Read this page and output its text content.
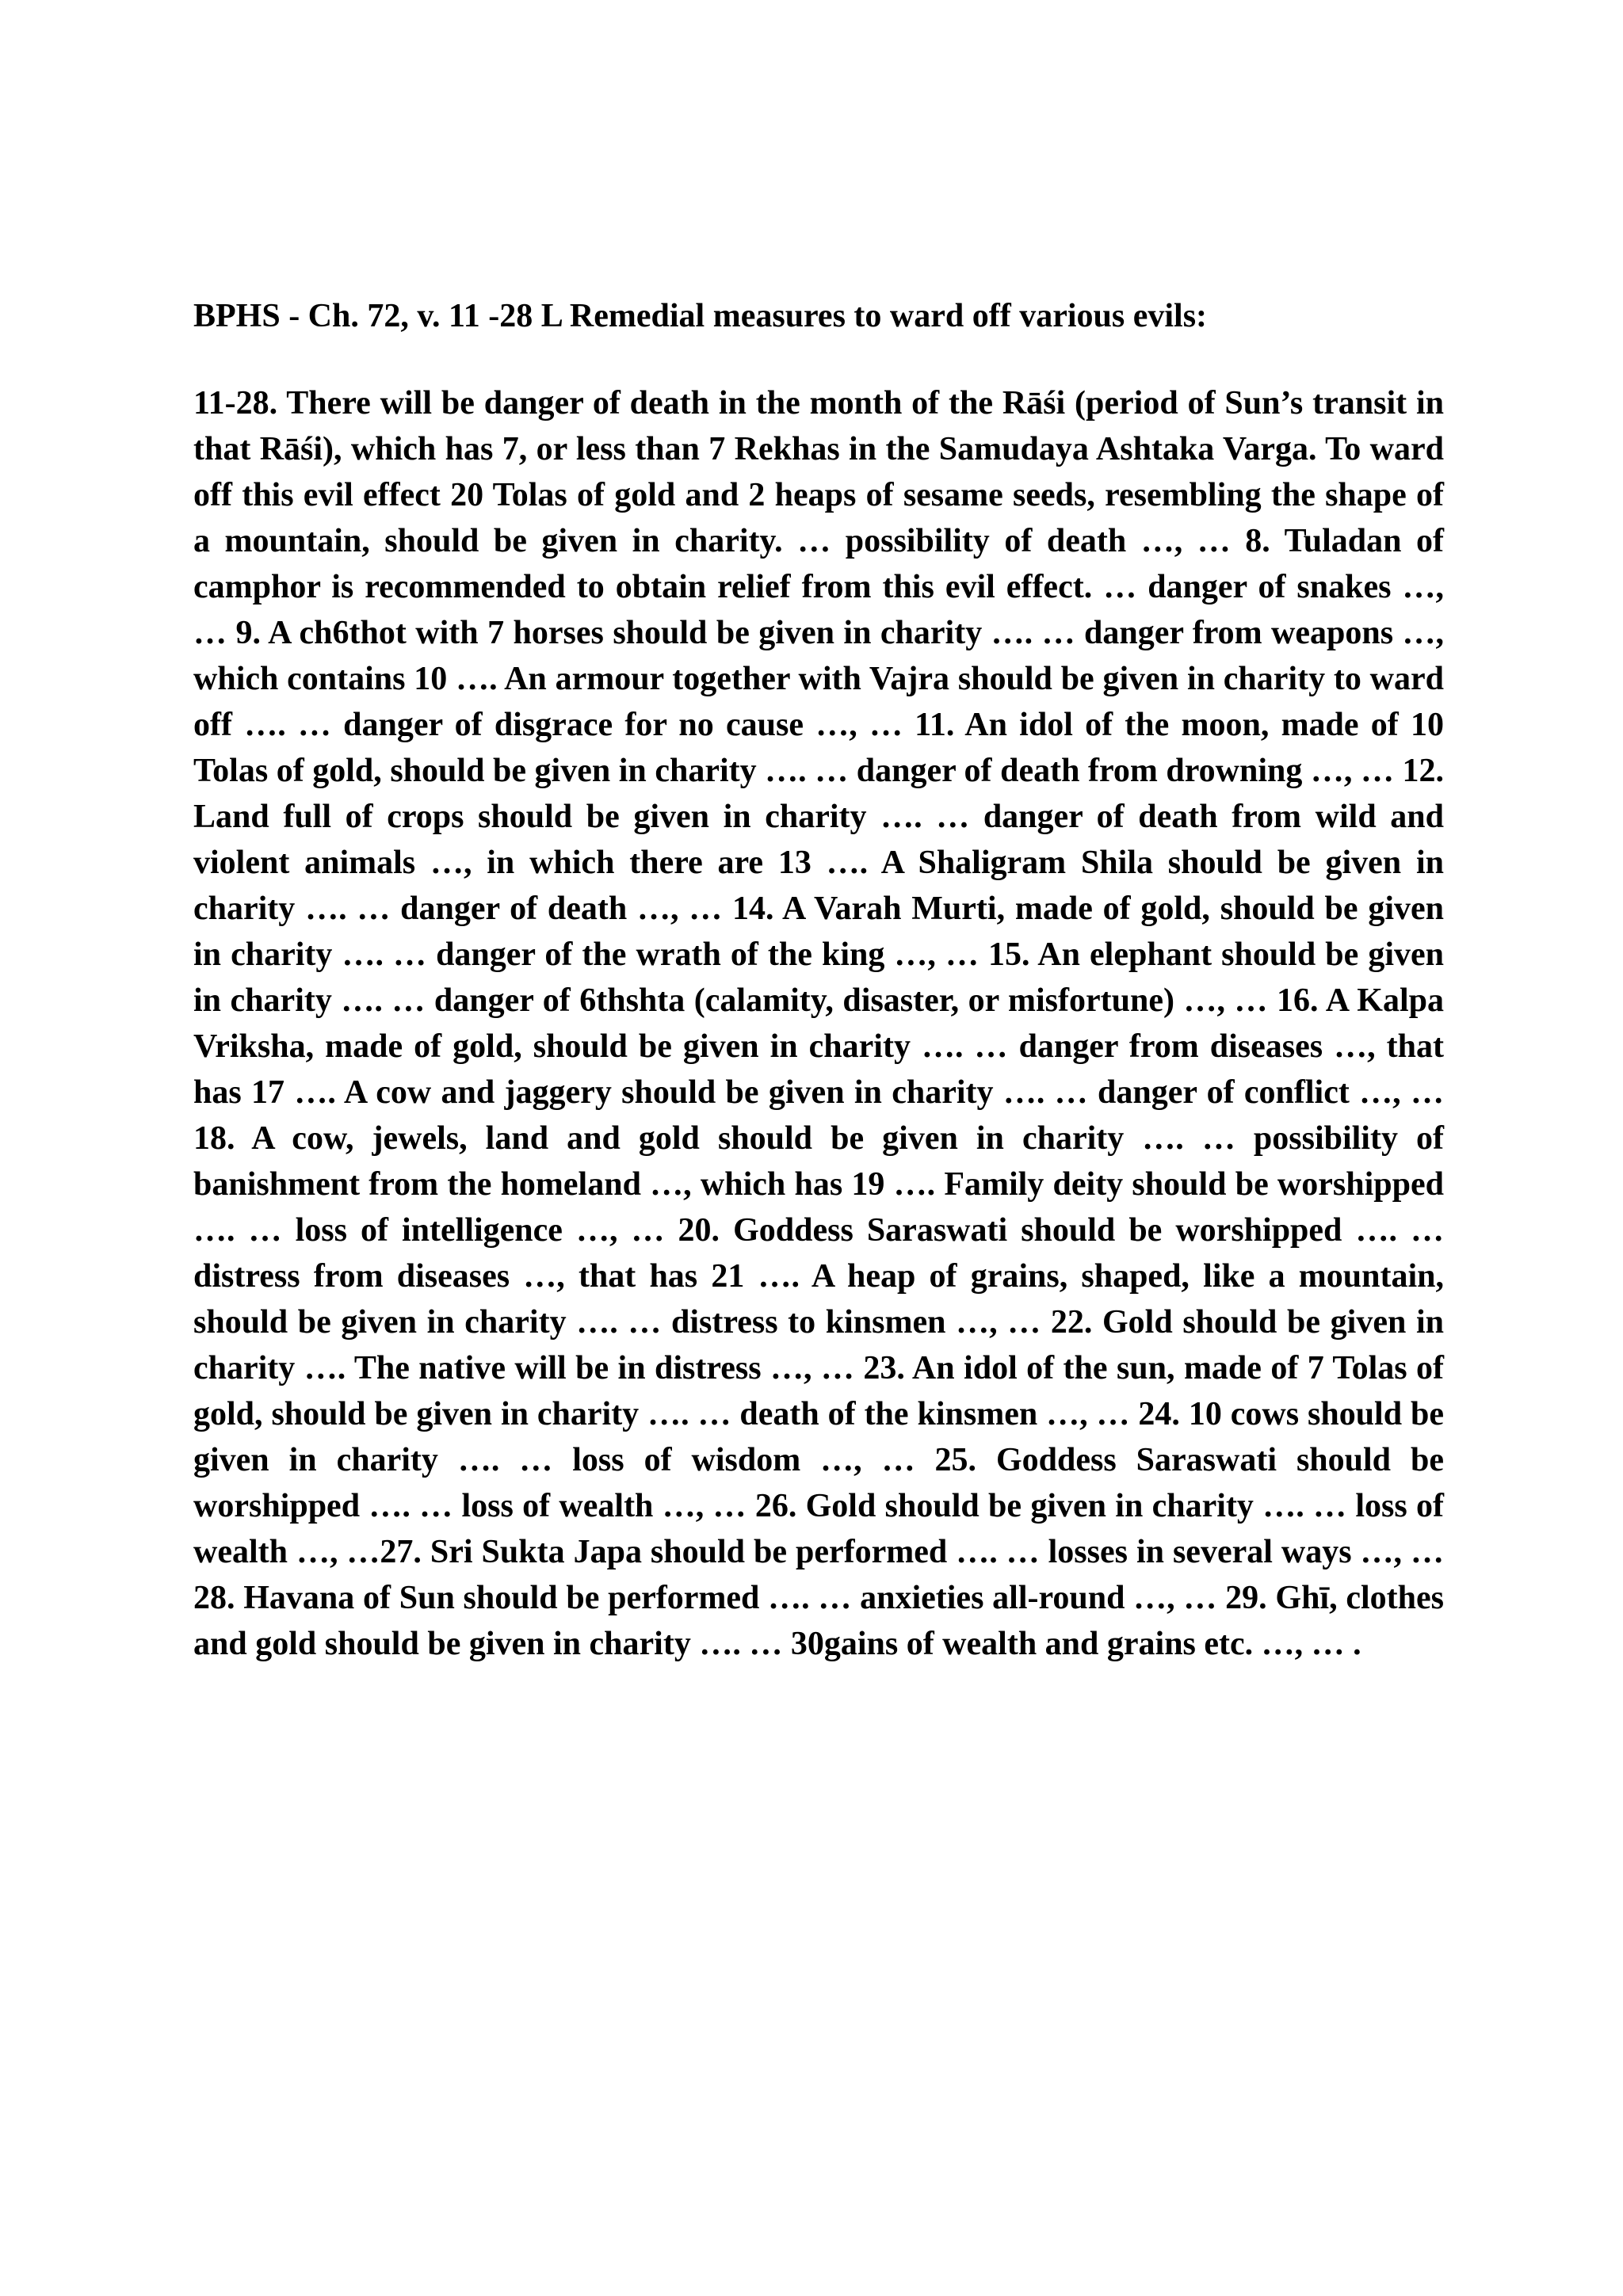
BPHS - Ch. 72, v. 11 -28 L Remedial measures to ward off various evils:

11-28. There will be danger of death in the month of the Rāśi (period of Sun’s transit in that Rāśi), which has 7, or less than 7 Rekhas in the Samudaya Ashtaka Varga. To ward off this evil effect 20 Tolas of gold and 2 heaps of sesame seeds, resembling the shape of a mountain, should be given in charity. … possibility of death …, … 8. Tuladan of camphor is recommended to obtain relief from this evil effect. … danger of snakes …, … 9. A ch6thot with 7 horses should be given in charity …. … danger from weapons …, which contains 10 …. An armour together with Vajra should be given in charity to ward off …. … danger of disgrace for no cause …, … 11. An idol of the moon, made of 10 Tolas of gold, should be given in charity …. … danger of death from drowning …, … 12. Land full of crops should be given in charity …. … danger of death from wild and violent animals …, in which there are 13 …. A Shaligram Shila should be given in charity …. … danger of death …, … 14. A Varah Murti, made of gold, should be given in charity …. … danger of the wrath of the king …, … 15. An elephant should be given in charity …. … danger of 6thshta (calamity, disaster, or misfortune) …, … 16. A Kalpa Vriksha, made of gold, should be given in charity …. … danger from diseases …, that has 17 …. A cow and jaggery should be given in charity …. … danger of conflict …, … 18. A cow, jewels, land and gold should be given in charity …. … possibility of banishment from the homeland …, which has 19 …. Family deity should be worshipped …. … loss of intelligence …, … 20. Goddess Saraswati should be worshipped …. … distress from diseases …, that has 21 …. A heap of grains, shaped, like a mountain, should be given in charity …. … distress to kinsmen …, … 22. Gold should be given in charity …. The native will be in distress …, … 23. An idol of the sun, made of 7 Tolas of gold, should be given in charity …. … death of the kinsmen …, … 24. 10 cows should be given in charity …. … loss of wisdom …, … 25. Goddess Saraswati should be worshipped …. … loss of wealth …, … 26. Gold should be given in charity …. … loss of wealth …, …27. Sri Sukta Japa should be performed …. … losses in several ways …, … 28. Havana of Sun should be performed …. … anxieties all-round …, … 29. Ghī, clothes and gold should be given in charity …. … 30gains of wealth and grains etc. …, … .
